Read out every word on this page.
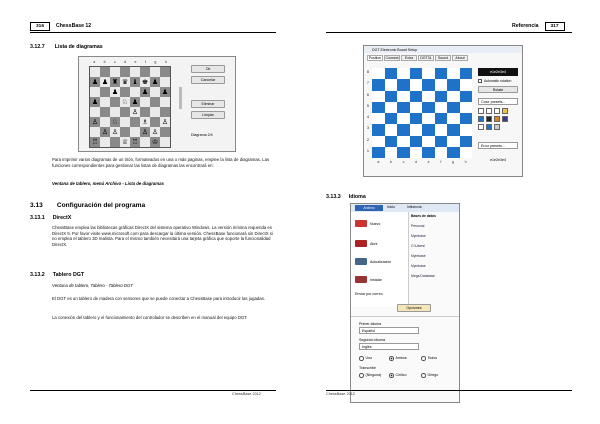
316	ChessBase 12
3.12.7 Lista de diagramas
a b c d e f g h
♟ ♟ ♜ ♛ ♝ ♚ ♟
♟	♟ ♟
♟	♘ ♟
♙
♙ ♘	♗ ♙
♙ ♙	♙ ♙
♖	♕ ♖ ♔
Ok
Cancelar
Eliminar
Limpiar
Diagrama 2/4
Para imprimir varios diagramas de un tirón, formateados en una o más paginas, emplee la lista de diagramas. Las funciones correspondientes para gestionar las listas de diagramas las encontrará en:
Ventana de tablero, menú Archivo - Lista de diagramas
3.13 Configuración del programa
3.13.1 DirectX
ChessBase emplea las bibliotecas gráficas DirectX del sistema operativo Windows. La versión mínima requerida es DirectX 9. Por favor visite www.microsoft.com para descargar la última versión. ChessBase funcionará sin DirectX si no emplea el tablero 3D realista. Para el mismo también necesitará una tarjeta gráfica que soporte la funcionalidad DirectX.
3.13.2 Tablero DGT
Ventana de tablero, Tablero - Tablero DGT
El DGT es un tablero de madera con sensores que se puede conectar a ChessBase para introducir las jugadas.
La conexión del tablero y el funcionamiento del controlador se describen en el manual del equipo DGT.
ChessBase 2012
Referencia	317
DGT Electronic Board Setup
Position	Connect	Extra	DGT3L	Sound	About
a	b	c	d	e	f	g	h
8
7
6
5
4
3
2
1
e1e2e3e4
Automatic rotation
Rotate
Color presets...
Error presets...
e1e2e3e4
3.13.3 Idioma
Archivo	Inicio	Influencia
Nuevo
Abrir
Actualización
Instalar
Enviar por correo
Bases de datos
Personal
Mymbase
C:\Users\
Mymbase
Mymbase
Mega Database
Opciones
Primer idioma
Español
Segundo idioma
Inglés
Uno	Ambos	Todos
Transcribir
(Ninguna)	Cirílico	Griego
ChessBase 2012
